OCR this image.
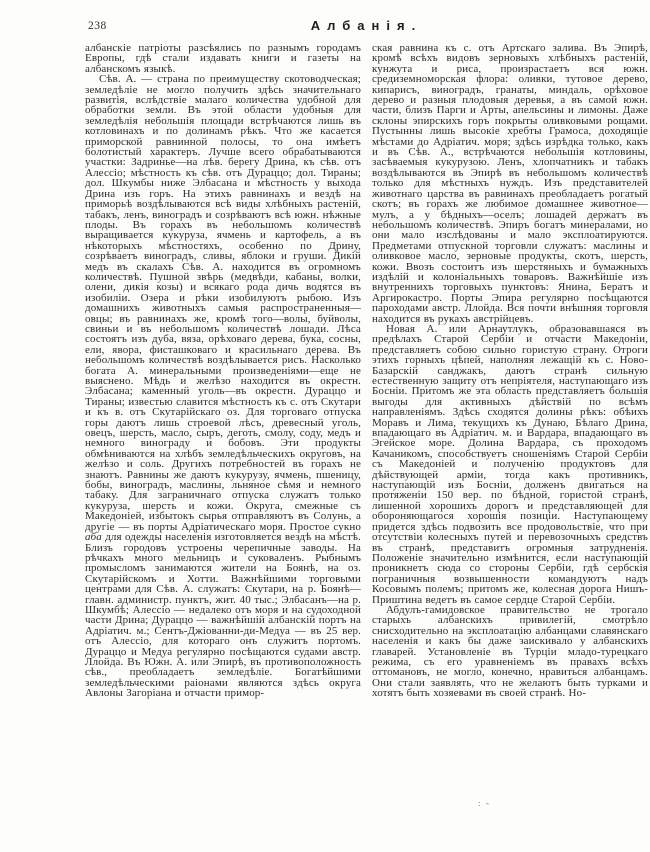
238	Албанія.

албанскіе патріоты разсѣялись по разнымъ городамъ Европы, гдѣ стали издавать книги и газеты на албанскомъ языкѣ.

Сѣв. А. — страна по преимуществу скотоводческая; земледѣліе не могло получить здѣсь значительнаго развитія, вслѣдствіе малаго количества удобной для обработки земли. Въ этой области удобныя для земледѣлія небольшія площади встрѣчаются лишь въ котловинахъ и по долинамъ рѣкъ. Что же касается приморской равнинной полосы, то она имѣетъ болотистый характеръ. Лучше всего обрабатываются участки: Задринье—на лѣв. берегу Дрина, къ сѣв. отъ Алессіо; мѣстность къ сѣв. отъ Дураццо; дол. Тираны; дол. Шкумбы ниже Элбасана и мѣстность у выхода Дрина изъ горъ. На этихъ равнинахъ и вездѣ на приморьѣ воздѣлываются всѣ виды хлѣбныхъ растеній, табакъ, ленъ, виноградъ и созрѣваютъ всѣ южн. нѣжные плоды. Въ горахъ въ небольшомъ количествѣ выращивается кукуруза, ячмень и картофель, а въ нѣкоторыхъ мѣстностяхъ, особенно по Дрину, созрѣваетъ виноградъ, сливы, яблоки и груши. Дикій медъ въ скалахъ Сѣв. А. находится въ огромномъ количествѣ. Пушной звѣрь (медвѣди, кабаны, волки, олени, дикія козы) и всякаго рода дичь водятся въ изобиліи. Озера и рѣки изобилуютъ рыбою. Изъ домашнихъ животныхъ самыя распространенныя—овцы; въ равнинахъ же, кромѣ того—волы, буйволы, свиньи и въ небольшомъ количествѣ лошади. Лѣса состоятъ изъ дуба, вяза, орѣховаго дерева, бука, сосны, ели, явора, фисташковаго и красильнаго дерева. Въ небольшомъ количествѣ воздѣлывается рисъ. Насколько богата А. минеральными произведеніями—еще не выяснено. Мѣдь и желѣзо находится въ окрестн. Элбасана; каменный уголь—въ окрестн. Дураццо и Тираны; известью славится мѣстность къ с. отъ Скутари и къ в. отъ Скутарійскаго оз. Для торговаго отпуска горы даютъ лишь строевой лѣсъ, древесный уголь, овецъ, шерсть, масло, сыръ, деготь, смолу, соду, медъ и немного винограду и бобовъ. Эти продукты обмѣниваются на хлѣбъ земледѣльческихъ округовъ, на желѣзо и соль. Другихъ потребностей въ горахъ не знаютъ. Равнины же даютъ кукурузу, ячмень, пшеницу, бобы, виноградъ, маслины, льняное сѣмя и немного табаку. Для заграничнаго отпуска служатъ только кукуруза, шерсть и кожи. Округа, смежные съ Македоніей, избытокъ сырья отправляютъ въ Солунь, а другіе — въ порты Адріатическаго моря. Простое сукно аба для одежды населенія изготовляется вездѣ на мѣстѣ. Близъ городовъ устроены черепичные заводы. На рѣчкахъ много мельницъ и суковаленъ. Рыбнымъ промысломъ занимаются жители на Боянѣ, на оз. Скутарійскомъ и Хотти. Важнѣйшими торговыми центрами для Сѣв. А. служатъ: Скутари, на р. Боянѣ—главн. администр. пунктъ, жит. 40 тыс.; Элбасанъ—на р. Шкумбѣ; Алессіо — недалеко отъ моря и на судоходной части Дрина; Дураццо — важнѣйшій албанскій портъ на Адріатич. м.; Сентъ-Джіованни-ди-Медуа — въ 25 вер. отъ Алессіо, для котораго онъ служитъ портомъ. Дураццо и Медуа регулярно посѣщаются судами австр. Ллойда. Въ Южн. А. или Эпирѣ, въ противоположность сѣв., преобладаетъ земледѣліе. Богатѣйшими земледѣльческими раіонами являются здѣсь округа Авлоны Загоріана и отчасти примор-

ская равнина къ с. отъ Артскаго залива. Въ Эпирѣ, кромѣ всѣхъ видовъ зерновыхъ хлѣбныхъ растеній, кунжута и риса, произрастаетъ вся южн. средиземноморская флора: оливки, тутовое дерево, кипарисъ, виноградъ, гранаты, миндаль, орѣховое дерево и разныя плодовыя деревья, а въ самой южн. части, близъ Парги и Арты, апельсины и лимоны. Даже склоны эпирскихъ горъ покрыты оливковыми рощами. Пустынны лишь высокіе хребты Грамоса, доходящіе мѣстами до Адріатич. моря; здѣсь изрѣдка только, какъ и въ Сѣв. А., встрѣчаются небольшія котловины, засѣваемыя кукурузою. Ленъ, хлопчатникъ и табакъ воздѣлываются въ Эпирѣ въ небольшомъ количествѣ только для мѣстныхъ нуждъ. Изъ представителей животнаго царства въ равнинахъ преобладаетъ рогатый скотъ; въ горахъ же любимое домашнее животное—мулъ, а у бѣдныхъ—оселъ; лошадей держатъ въ небольшомъ количествѣ. Эпиръ богатъ минералами, но они мало изслѣдованы и мало эксплоатируются. Предметами отпускной торговли служатъ: маслины и оливковое масло, зерновые продукты, скотъ, шерсть, кожи. Ввозъ состоитъ изъ шерстяныхъ и бумажныхъ издѣлій и колоніальныхъ товаровъ. Важнѣйшіе изъ внутреннихъ торговыхъ пунктовъ: Янина, Бератъ и Аргирокастро. Порты Эпира регулярно посѣщаются пароходами австр. Ллойда. Вся почти внѣшняя торговля находится въ рукахъ австрійцевъ.

Новая А. или Арнаутлукъ, образовавшаяся въ предѣлахъ Старой Сербіи и отчасти Македоніи, представляетъ собою сильно гористую страну. Отроги этихъ горныхъ цѣпей, наполняя лежащій къ с. Ново-Базарскій санджакъ, даютъ странѣ сильную естественную защиту отъ непріятеля, наступающаго изъ Босніи. Притомъ же эта область представляетъ большія выгоды для активныхъ дѣйствій по всѣмъ направленіямъ. Здѣсь сходятся долины рѣкъ: обѣихъ Моравъ и Лима, текущихъ къ Дунаю, Бѣлаго Дрина, впадающаго въ Адріатич. м. и Вардара, впадающаго въ Эгейское море. Долина Вардара, съ проходомъ Качаникомъ, способствуетъ сношеніямъ Старой Сербіи съ Македоніей и полученію продуктовъ для дѣйствующей арміи, тогда какъ противникъ, наступающій изъ Босніи, долженъ двигаться на протяженіи 150 вер. по бѣдной, гористой странѣ, лишенной хорошихъ дорогъ и представляющей для обороняющагося хорошія позиціи. Наступающему придется здѣсь подвозить все продовольствіе, что при отсутствіи колесныхъ путей и перевозочныхъ средствъ въ странѣ, представитъ огромныя затрудненія. Положеніе значительно измѣнится, если наступающій проникнетъ сюда со стороны Сербіи, гдѣ сербскія пограничныя возвышенности командуютъ надъ Косовымъ полемъ; притомъ же, колесная дорога Нишъ-Приштина ведетъ въ самое сердце Старой Сербіи.

Абдулъ-гамидовское правительство не трогало старыхъ албанскихъ привилегій, смотрѣло снисходительно на эксплоатацію албанцами славянскаго населенія и какъ бы даже заискивало у албанскихъ главарей. Установленіе въ Турціи младо-турецкаго режима, съ его уравненіемъ въ правахъ всѣхъ оттомановъ, не могло, конечно, нравиться албанцамъ. Они стали заявлять, что не желаютъ быть турками и хотятъ быть хозяевами въ своей странѣ. Но-

: -
